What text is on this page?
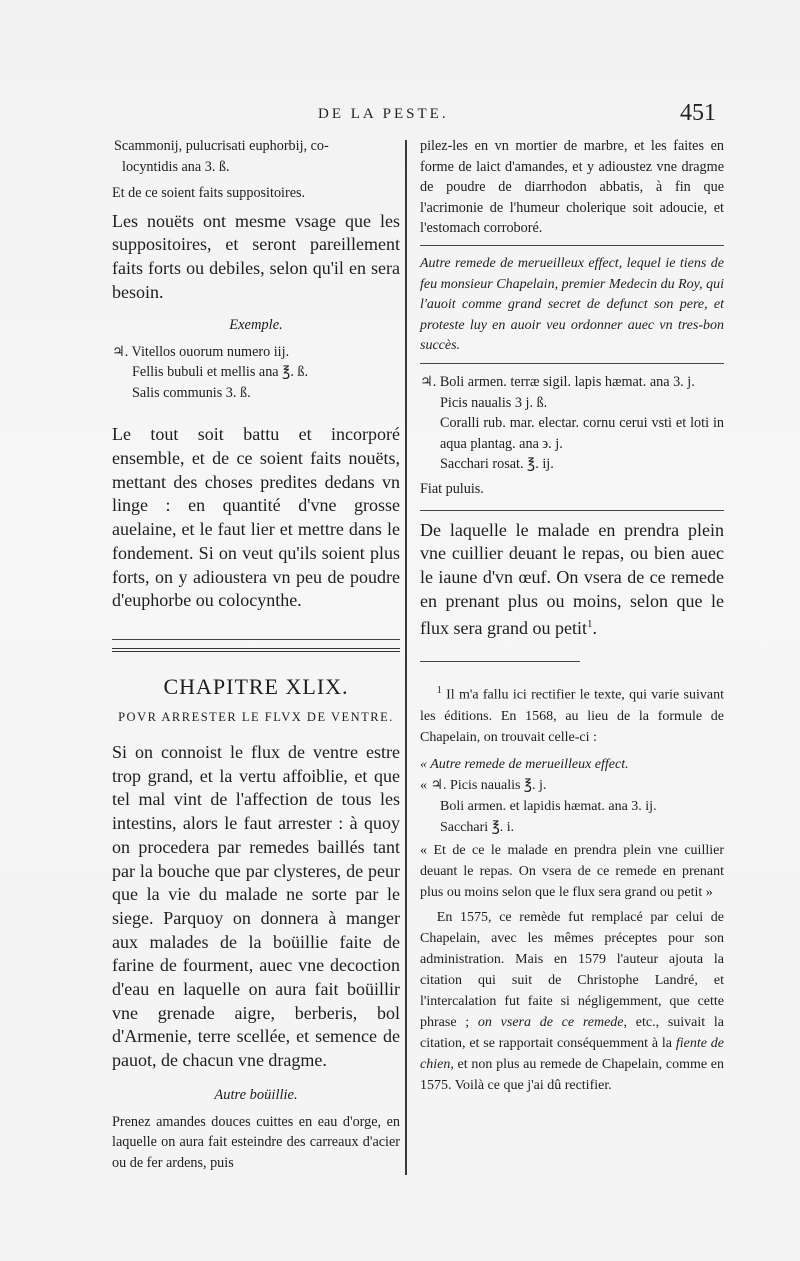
DE LA PESTE.	451

Scammonij, pulucrisati euphorbij, co-

locyntidis ana 3. ß.

Et de ce soient faits suppositoires.

Les nouëts ont mesme vsage que les suppositoires, et seront pareillement faits forts ou debiles, selon qu'il en sera besoin.

Exemple.

♃. Vitellos ouorum numero iij.

Fellis bubuli et mellis ana ℥. ß.

Salis communis 3. ß.

Le tout soit battu et incorporé ensemble, et de ce soient faits nouëts, mettant des choses predites dedans vn linge : en quantité d'vne grosse auelaine, et le faut lier et mettre dans le fondement. Si on veut qu'ils soient plus forts, on y adioustera vn peu de poudre d'euphorbe ou colocynthe.

CHAPITRE XLIX.

POVR ARRESTER LE FLVX DE VENTRE.

Si on connoist le flux de ventre estre trop grand, et la vertu affoiblie, et que tel mal vint de l'affection de tous les intestins, alors le faut arrester : à quoy on procedera par remedes baillés tant par la bouche que par clysteres, de peur que la vie du malade ne sorte par le siege. Parquoy on donnera à manger aux malades de la boüillie faite de farine de fourment, auec vne decoction d'eau en laquelle on aura fait boüillir vne grenade aigre, berberis, bol d'Armenie, terre scellée, et semence de pauot, de chacun vne dragme.

Autre boüillie.

Prenez amandes douces cuittes en eau d'orge, en laquelle on aura fait esteindre des carreaux d'acier ou de fer ardens, puis

pilez-les en vn mortier de marbre, et les faites en forme de laict d'amandes, et y adioustez vne dragme de poudre de diarrhodon abbatis, à fin que l'acrimonie de l'humeur cholerique soit adoucie, et l'estomach corroboré.

Autre remede de merueilleux effect, lequel ie tiens de feu monsieur Chapelain, premier Medecin du Roy, qui l'auoit comme grand secret de defunct son pere, et proteste luy en auoir veu ordonner auec vn tres-bon succès.

♃. Boli armen. terræ sigil. lapis hæmat. ana 3. j.

Picis naualis 3 j. ß.

Coralli rub. mar. electar. cornu cerui vsti et loti in aqua plantag. ana ϶. j.

Sacchari rosat. ℥. ij.

Fiat puluis.

De laquelle le malade en prendra plein vne cuillier deuant le repas, ou bien auec le iaune d'vn œuf. On vsera de ce remede en prenant plus ou moins, selon que le flux sera grand ou petit$^1$.

$^1$ Il m'a fallu ici rectifier le texte, qui varie suivant les éditions. En 1568, au lieu de la formule de Chapelain, on trouvait celle-ci :

« Autre remede de merueilleux effect.

« ♃. Picis naualis ℥. j.

Boli armen. et lapidis hæmat. ana 3. ij.

Sacchari ℥. i.

« Et de ce le malade en prendra plein vne cuillier deuant le repas. On vsera de ce remede en prenant plus ou moins selon que le flux sera grand ou petit »

En 1575, ce remède fut remplacé par celui de Chapelain, avec les mêmes préceptes pour son administration. Mais en 1579 l'auteur ajouta la citation qui suit de Christophe Landré, et l'intercalation fut faite si négligemment, que cette phrase ; on vsera de ce remede, etc., suivait la citation, et se rapportait conséquemment à la fiente de chien, et non plus au remede de Chapelain, comme en 1575. Voilà ce que j'ai dû rectifier.
